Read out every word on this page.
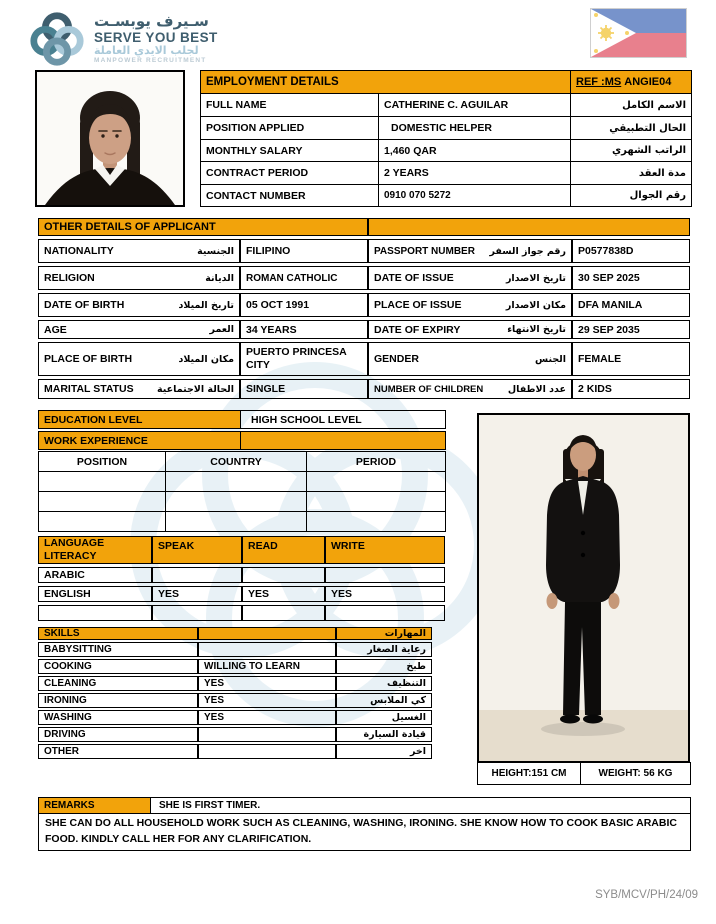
سـيرف يوبسـت
SERVE YOU BEST
لجلب الايدي العاملة
MANPOWER RECRUITMENT
EMPLOYMENT DETAILS		REF :MS ANGIE04
FULL NAME	CATHERINE C. AGUILAR	الاسم الكامل
POSITION APPLIED	DOMESTIC HELPER	الحال التطبيقي
MONTHLY SALARY	1,460 QAR	الراتب الشهري
CONTRACT PERIOD	2 YEARS	مدة العقد
CONTACT NUMBER	0910 070 5272	رقم الجوال
OTHER DETAILS OF APPLICANT			

NATIONALITY الجنسية	FILIPINO	PASSPORT NUMBER رقم جواز السفر	P0577838D

RELIGION الديانة	ROMAN CATHOLIC	DATE OF ISSUE تاريخ الاصدار	30 SEP 2025

DATE OF BIRTH تاريخ الميلاد	05 OCT 1991	PLACE OF ISSUE مكان الاصدار	DFA MANILA

AGE العمر	34 YEARS	DATE OF EXPIRY تاريخ الانتهاء	29 SEP 2035

PLACE OF BIRTH مكان الميلاد	PUERTO PRINCESA CITY	GENDER الجنس	FEMALE

MARITAL STATUS الحالة الاجتماعية	SINGLE	NUMBER OF CHILDREN عدد الاطفال	2 KIDS
EDUCATION LEVEL	HIGH SCHOOL LEVEL
WORK EXPERIENCE	
POSITION	COUNTRY	PERIOD

LANGUAGE LITERACY	SPEAK	READ	WRITE
ARABIC			
ENGLISH	YES	YES	YES

SKILLS		المهارات
BABYSITTING		رعاية الصغار
COOKING	WILLING TO LEARN	طبخ
CLEANING	YES	التنظيف
IRONING	YES	كي الملابس
WASHING	YES	الغسيل
DRIVING		قيادة السيارة
OTHER		اخر
HEIGHT:151 CM	WEIGHT: 56 KG
REMARKS	SHE IS FIRST TIMER.
SHE CAN DO ALL HOUSEHOLD WORK SUCH AS CLEANING, WASHING, IRONING. SHE KNOW HOW TO COOK BASIC ARABIC FOOD. KINDLY CALL HER FOR ANY CLARIFICATION.
SYB/MCV/PH/24/09
